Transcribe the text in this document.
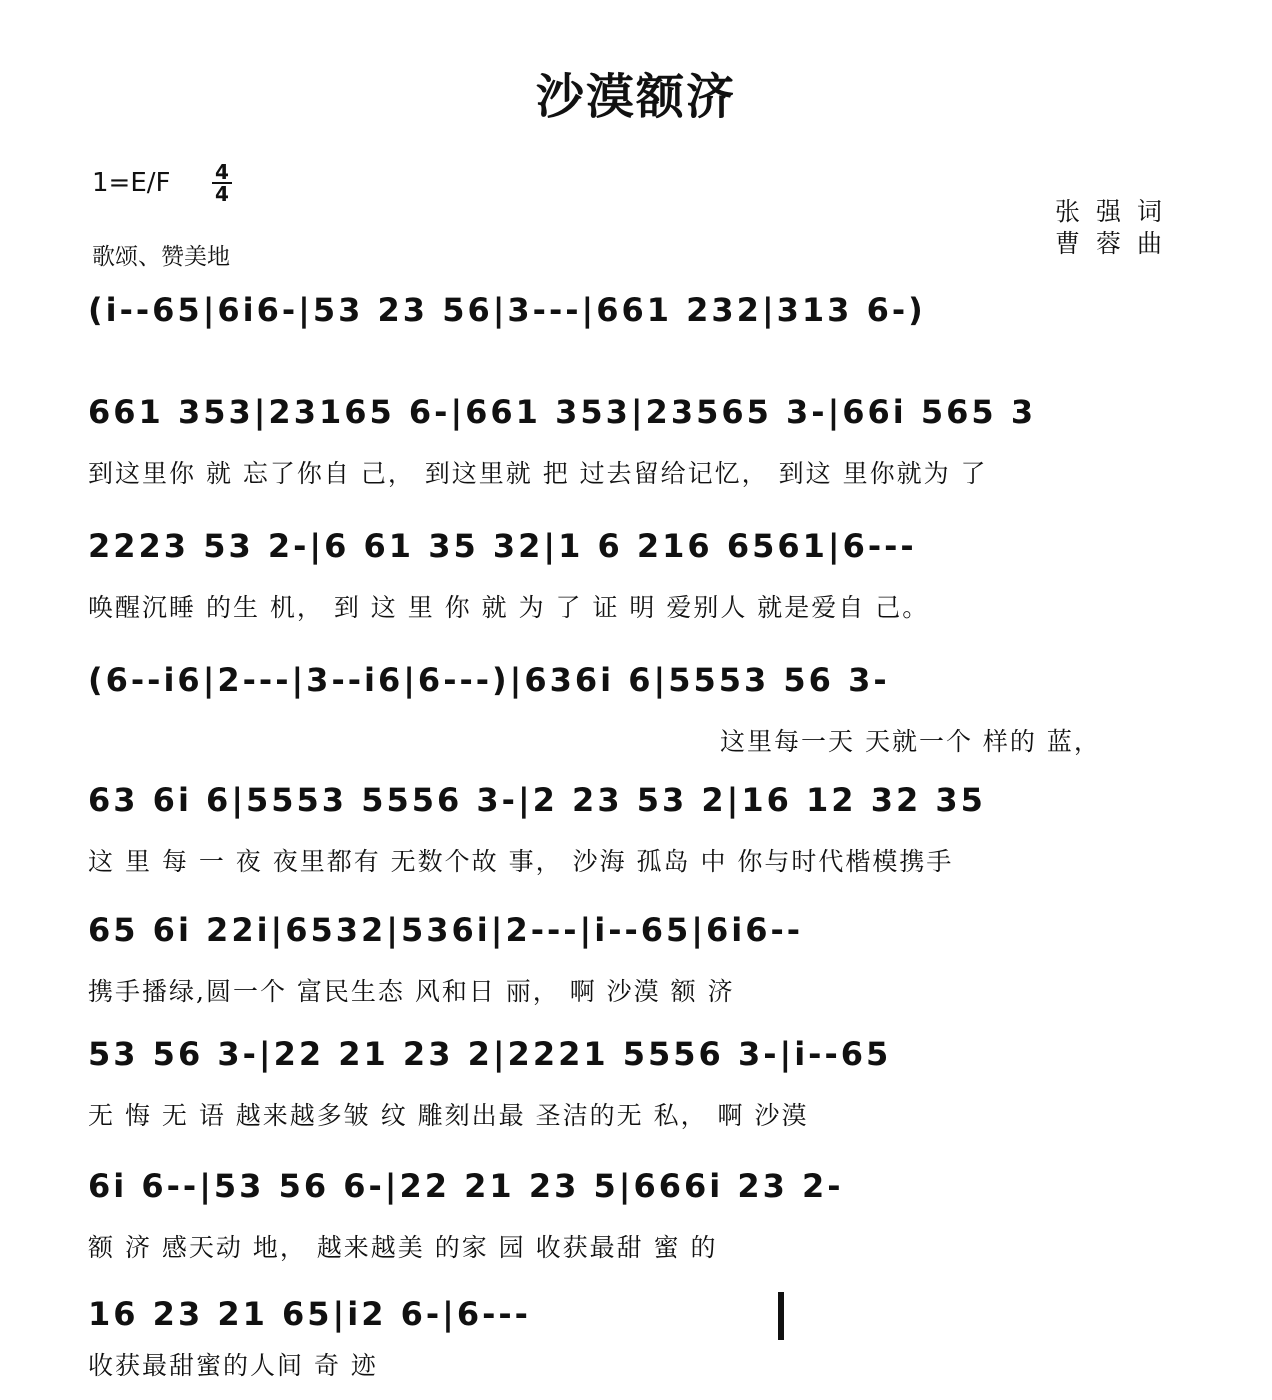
沙漠额济
1=E/F 4
4
歌颂、赞美地
张强词
曹蓉曲
(i--65|6i6-|53 23 56|3---|661 232|313 6-)
661 353|23165 6-|661 353|23565 3-|66i 565 3
到这里你 就 忘了你自 己， 到这里就 把 过去留给记忆， 到这 里你就为 了
2223 53 2-|6 61 35 32|1 6 216 6561|6---
唤醒沉睡 的生 机， 到 这 里 你 就 为 了 证 明 爱别人 就是爱自 己。
(6--i6|2---|3--i6|6---)|636i 6|5553 56 3-
这里每一天 天就一个 样的 蓝，
63 6i 6|5553 5556 3-|2 23 53 2|16 12 32 35
这 里 每 一 夜 夜里都有 无数个故 事， 沙海 孤岛 中 你与时代楷模携手
65 6i 22i|6532|536i|2---|i--65|6i6--
携手播绿,圆一个 富民生态 风和日 丽， 啊 沙漠 额 济
53 56 3-|22 21 23 2|2221 5556 3-|i--65
无 悔 无 语 越来越多皱 纹 雕刻出最 圣洁的无 私， 啊 沙漠
6i 6--|53 56 6-|22 21 23 5|666i 23 2-
额 济 感天动 地， 越来越美 的家 园 收获最甜 蜜 的
16 23 21 65|i2 6-|6---
收获最甜蜜的人间 奇 迹
